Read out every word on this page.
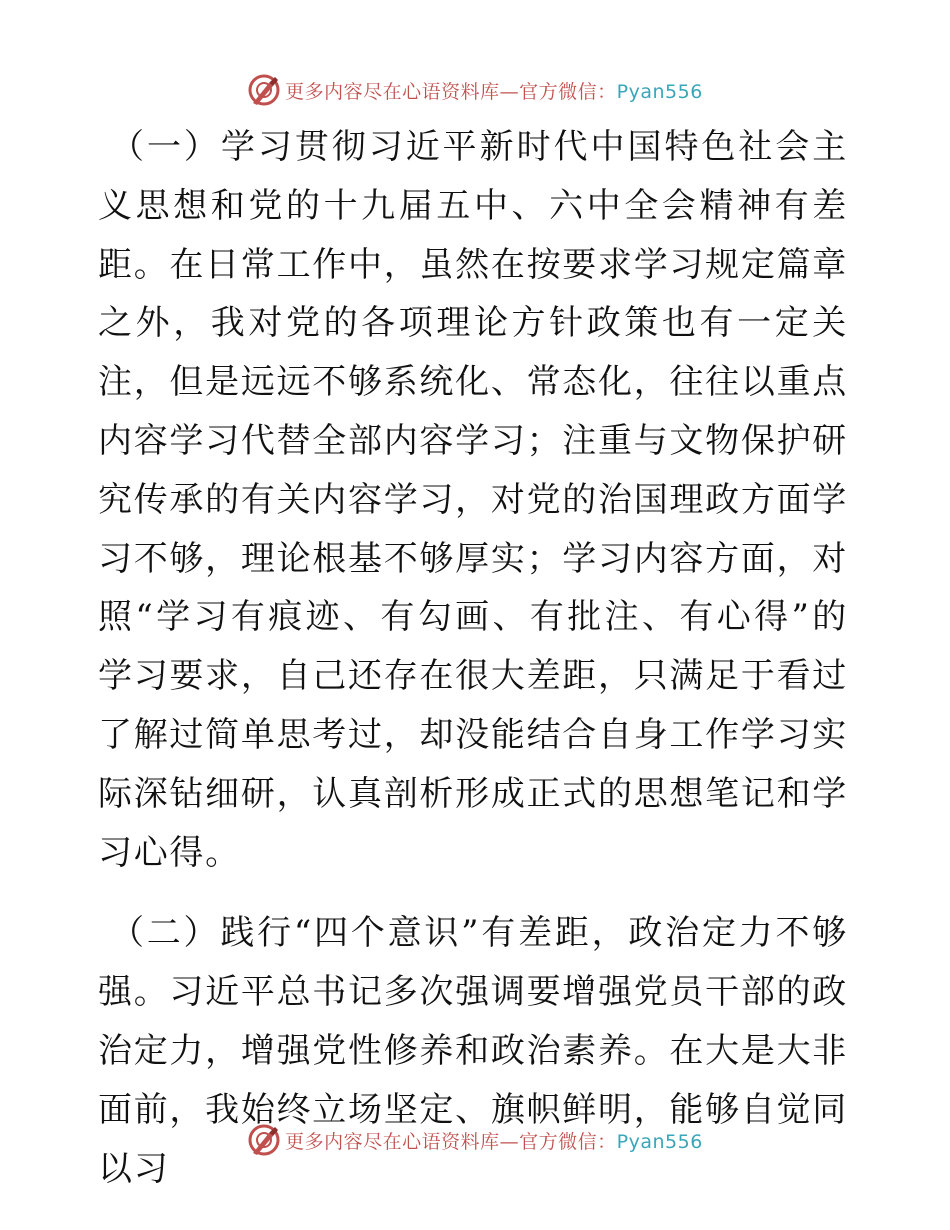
更多内容尽在心语资料库—官方微信：Pyan556

（一）学习贯彻习近平新时代中国特色社会主义思想和党的十九届五中、六中全会精神有差距。在日常工作中，虽然在按要求学习规定篇章之外，我对党的各项理论方针政策也有一定关注，但是远远不够系统化、常态化，往往以重点内容学习代替全部内容学习；注重与文物保护研究传承的有关内容学习，对党的治国理政方面学习不够，理论根基不够厚实；学习内容方面，对照“学习有痕迹、有勾画、有批注、有心得”的学习要求，自己还存在很大差距，只满足于看过了解过简单思考过，却没能结合自身工作学习实际深钻细研，认真剖析形成正式的思想笔记和学习心得。

（二）践行“四个意识”有差距，政治定力不够强。习近平总书记多次强调要增强党员干部的政治定力，增强党性修养和政治素养。在大是大非面前，我始终立场坚定、旗帜鲜明，能够自觉同以习

更多内容尽在心语资料库—官方微信：Pyan556
